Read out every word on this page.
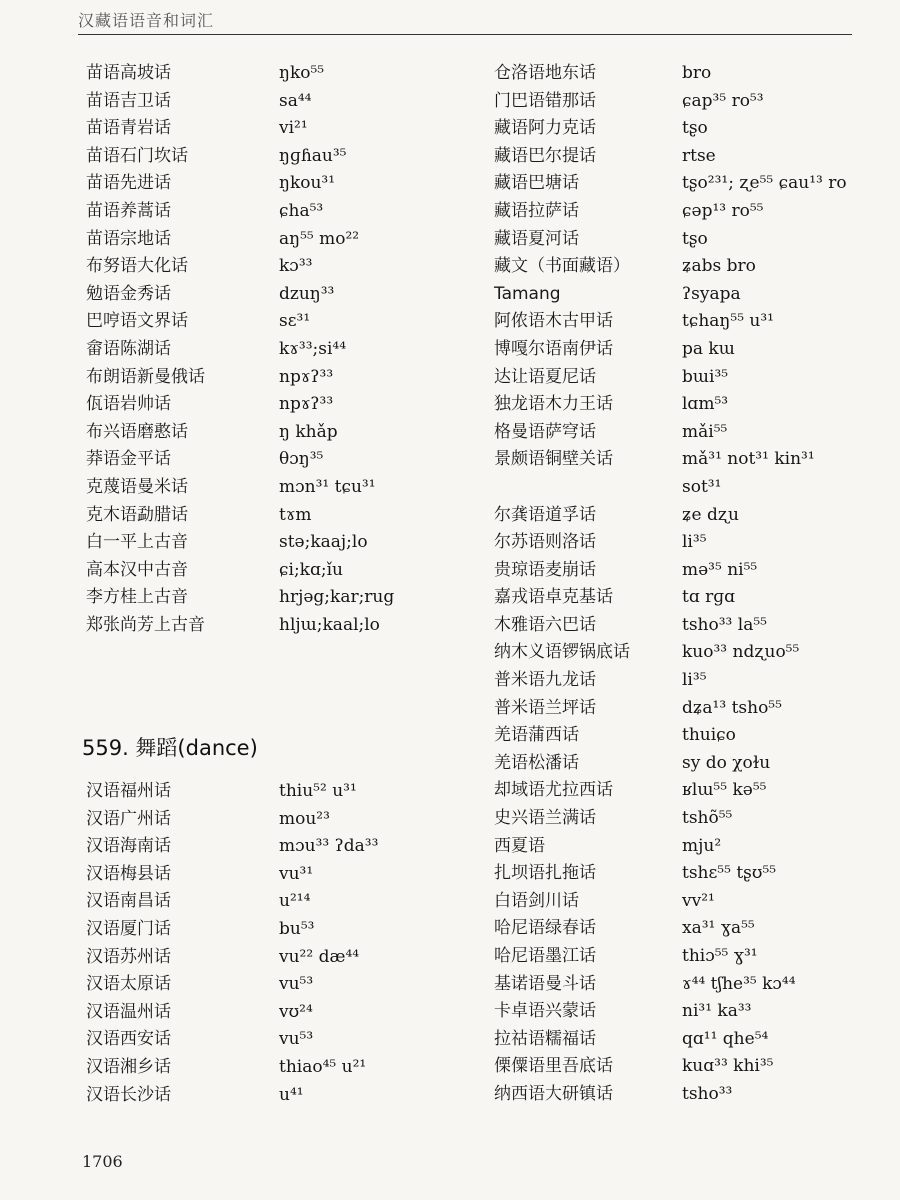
汉藏语语音和词汇
苗语高坡话	ŋko⁵⁵
苗语吉卫话	sa⁴⁴
苗语青岩话	vi²¹
苗语石门坎话	ŋɡɦau³⁵
苗语先进话	ŋkou³¹
苗语养蒿话	ɕha⁵³
苗语宗地话	aŋ⁵⁵ mo²²
布努语大化话	kɔ³³
勉语金秀话	dzuŋ³³
巴哼语文界话	sɛ³¹
畲语陈湖话	kɤ³³;si⁴⁴
布朗语新曼俄话	npɤʔ³³
佤语岩帅话	npɤʔ³³
布兴语磨憨话	ŋ khǎp
莽语金平话	θɔŋ³⁵
克蔑语曼米话	mɔn³¹ tɕu³¹
克木语勐腊话	tɤm
白一平上古音	stə;kaaj;lo
高本汉中古音	ɕi;kɑ;ǐu
李方桂上古音	hrjəg;kar;rug
郑张尚芳上古音	hljɯ;kaal;lo
559. 舞蹈(dance)
汉语福州话	thiu⁵² u³¹
汉语广州话	mou²³
汉语海南话	mɔu³³ ʔda³³
汉语梅县话	vu³¹
汉语南昌话	u²¹⁴
汉语厦门话	bu⁵³
汉语苏州话	vu²² dæ⁴⁴
汉语太原话	vu⁵³
汉语温州话	vʊ²⁴
汉语西安话	vu⁵³
汉语湘乡话	thiao⁴⁵ u²¹
汉语长沙话	u⁴¹
仓洛语地东话	bro
门巴语错那话	ɕap³⁵ ro⁵³
藏语阿力克话	tʂo
藏语巴尔提话	rtse
藏语巴塘话	tʂo²³¹; ʐe⁵⁵ ɕau¹³ ro
藏语拉萨话	ɕəp¹³ ro⁵⁵
藏语夏河话	tʂo
藏文（书面藏语）	ʑabs bro
Tamang	ʔsyapa
阿侬语木古甲话	tɕhaŋ⁵⁵ u³¹
博嘎尔语南伊话	pa kɯ
达让语夏尼话	bɯi³⁵
独龙语木力王话	lɑm⁵³
格曼语萨穹话	mǎi⁵⁵
景颇语铜壁关话	mǎ³¹ not³¹ kin³¹
sot³¹
尔龚语道孚话	ʑe dʐu
尔苏语则洛话	li³⁵
贵琼语麦崩话	mə³⁵ ni⁵⁵
嘉戎语卓克基话	tɑ rɡɑ
木雅语六巴话	tsho³³ la⁵⁵
纳木义语锣锅底话	kuo³³ ndʐuo⁵⁵
普米语九龙话	li³⁵
普米语兰坪话	dʑa¹³ tsho⁵⁵
羌语蒲西话	thuiɕo
羌语松潘话	sy do χoɫu
却域语尤拉西话	ʁlɯ⁵⁵ kə⁵⁵
史兴语兰满话	tshõ⁵⁵
西夏语	mju²
扎坝语扎拖话	tshɛ⁵⁵ tʂʊ⁵⁵
白语剑川话	vv²¹
哈尼语绿春话	xa³¹ ɣa⁵⁵
哈尼语墨江话	thiɔ⁵⁵ ɣ³¹
基诺语曼斗话	ɤ⁴⁴ tʃhe³⁵ kɔ⁴⁴
卡卓语兴蒙话	ni³¹ ka³³
拉祜语糯福话	qɑ¹¹ qhe⁵⁴
傈僳语里吾底话	kuɑ³³ khi³⁵
纳西语大研镇话	tsho³³
1706
